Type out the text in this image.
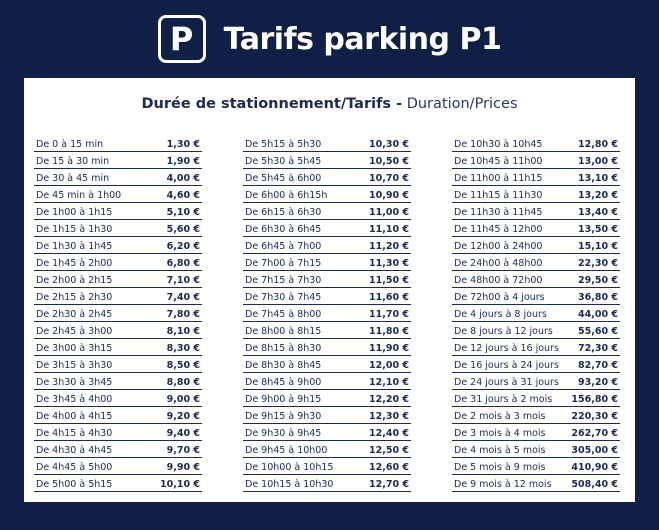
P Tarifs parking P1
Durée de stationnement/Tarifs - Duration/Prices
De 0 à 15 min	1,30 €
De 15 à 30 min	1,90 €
De 30 à 45 min	4,00 €
De 45 min à 1h00	4,60 €
De 1h00 à 1h15	5,10 €
De 1h15 à 1h30	5,60 €
De 1h30 à 1h45	6,20 €
De 1h45 à 2h00	6,80 €
De 2h00 à 2h15	7,10 €
De 2h15 à 2h30	7,40 €
De 2h30 à 2h45	7,80 €
De 2h45 à 3h00	8,10 €
De 3h00 à 3h15	8,30 €
De 3h15 à 3h30	8,50 €
De 3h30 à 3h45	8,80 €
De 3h45 à 4h00	9,00 €
De 4h00 à 4h15	9,20 €
De 4h15 à 4h30	9,40 €
De 4h30 à 4h45	9,70 €
De 4h45 à 5h00	9,90 €
De 5h00 à 5h15	10,10 €
De 5h15 à 5h30	10,30 €
De 5h30 à 5h45	10,50 €
De 5h45 à 6h00	10,70 €
De 6h00 à 6h15h	10,90 €
De 6h15 à 6h30	11,00 €
De 6h30 à 6h45	11,10 €
De 6h45 à 7h00	11,20 €
De 7h00 à 7h15	11,30 €
De 7h15 à 7h30	11,50 €
De 7h30 à 7h45	11,60 €
De 7h45 à 8h00	11,70 €
De 8h00 à 8h15	11,80 €
De 8h15 à 8h30	11,90 €
De 8h30 à 8h45	12,00 €
De 8h45 à 9h00	12,10 €
De 9h00 à 9h15	12,20 €
De 9h15 à 9h30	12,30 €
De 9h30 à 9h45	12,40 €
De 9h45 à 10h00	12,50 €
De 10h00 à 10h15	12,60 €
De 10h15 à 10h30	12,70 €
De 10h30 à 10h45	12,80 €
De 10h45 à 11h00	13,00 €
De 11h00 à 11h15	13,10 €
De 11h15 à 11h30	13,20 €
De 11h30 à 11h45	13,40 €
De 11h45 à 12h00	13,50 €
De 12h00 à 24h00	15,10 €
De 24h00 à 48h00	22,30 €
De 48h00 à 72h00	29,50 €
De 72h00 à 4 jours	36,80 €
De 4 jours à 8 jours	44,00 €
De 8 jours à 12 jours	55,60 €
De 12 jours à 16 jours 72,30 €
De 16 jours à 24 jours 82,70 €
De 24 jours à 31 jours 93,20 €
De 31 jours à 2 mois 156,80 €
De 2 mois à 3 mois	220,30 €
De 3 mois à 4 mois	262,70 €
De 4 mois à 5 mois	305,00 €
De 5 mois à 9 mois	410,90 €
De 9 mois à 12 mois 508,40 €
